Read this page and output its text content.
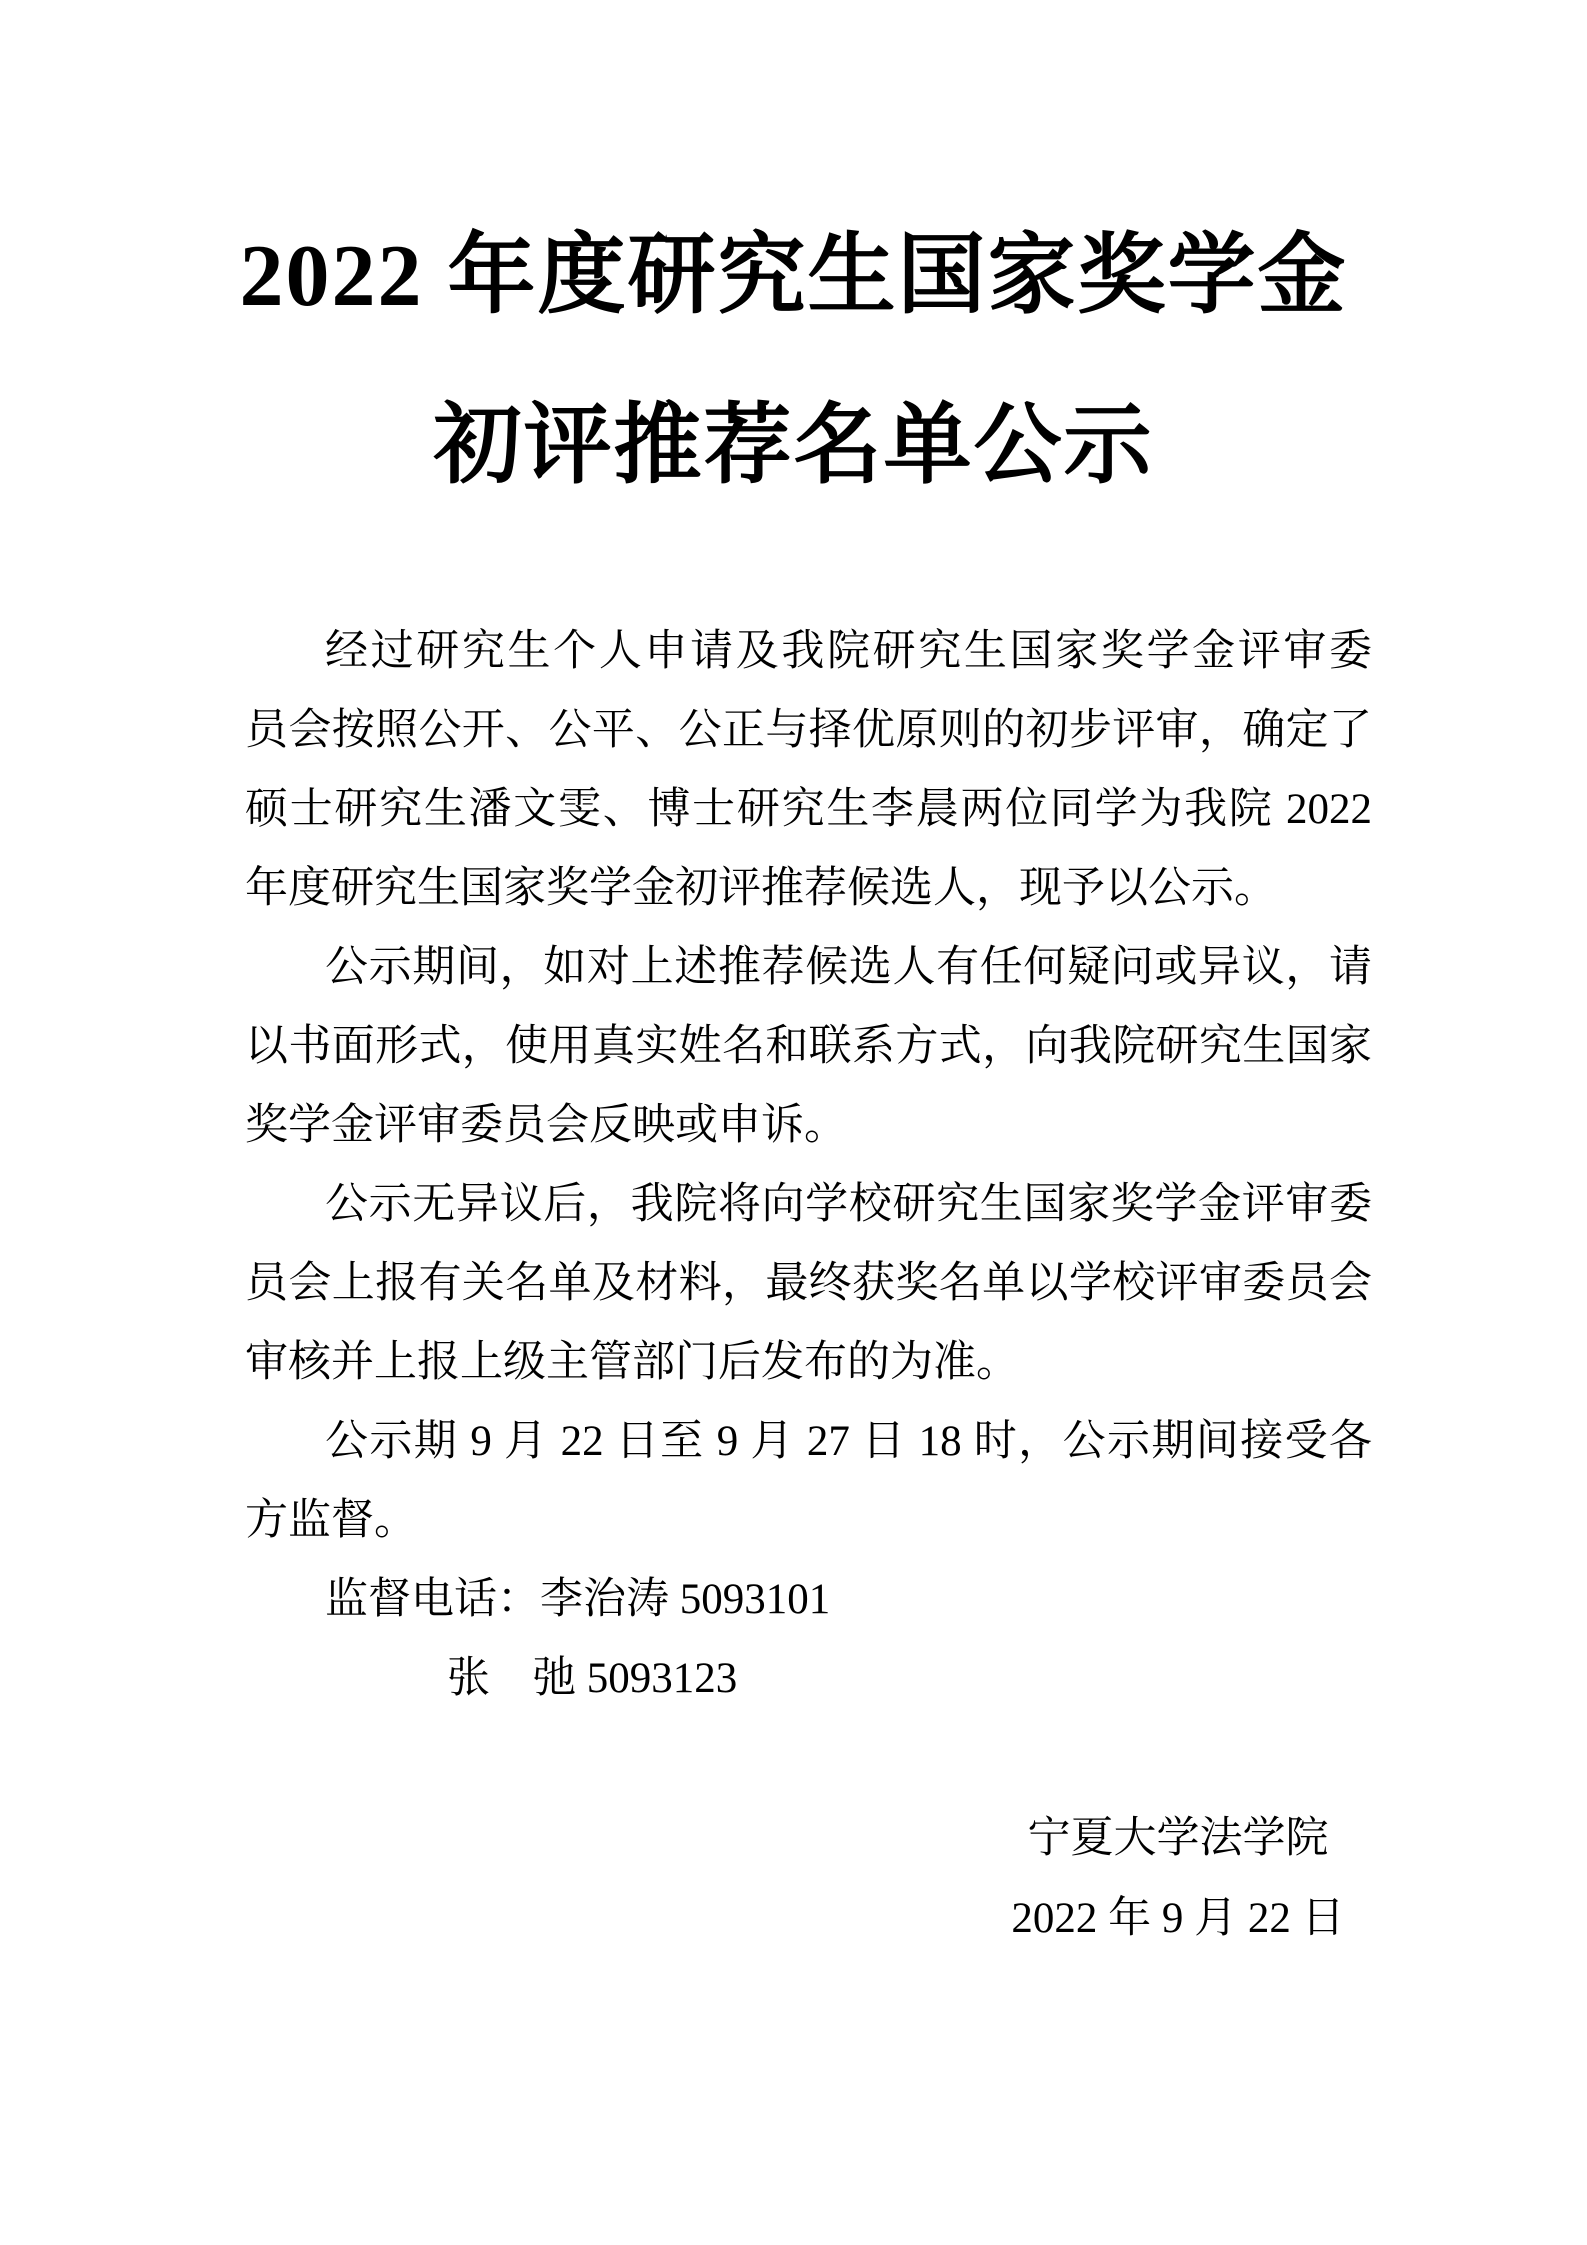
2022 年度研究生国家奖学金
初评推荐名单公示
经过研究生个人申请及我院研究生国家奖学金评审委
员会按照公开、公平、公正与择优原则的初步评审，确定了
硕士研究生潘文雯、博士研究生李晨两位同学为我院 2022
年度研究生国家奖学金初评推荐候选人，现予以公示。
公示期间，如对上述推荐候选人有任何疑问或异议，请
以书面形式，使用真实姓名和联系方式，向我院研究生国家
奖学金评审委员会反映或申诉。
公示无异议后，我院将向学校研究生国家奖学金评审委
员会上报有关名单及材料，最终获奖名单以学校评审委员会
审核并上报上级主管部门后发布的为准。
公示期 9 月 22 日至 9 月 27 日 18 时，公示期间接受各
方监督。
监督电话：李治涛 5093101
张　弛 5093123
宁夏大学法学院
2022 年 9 月 22 日
